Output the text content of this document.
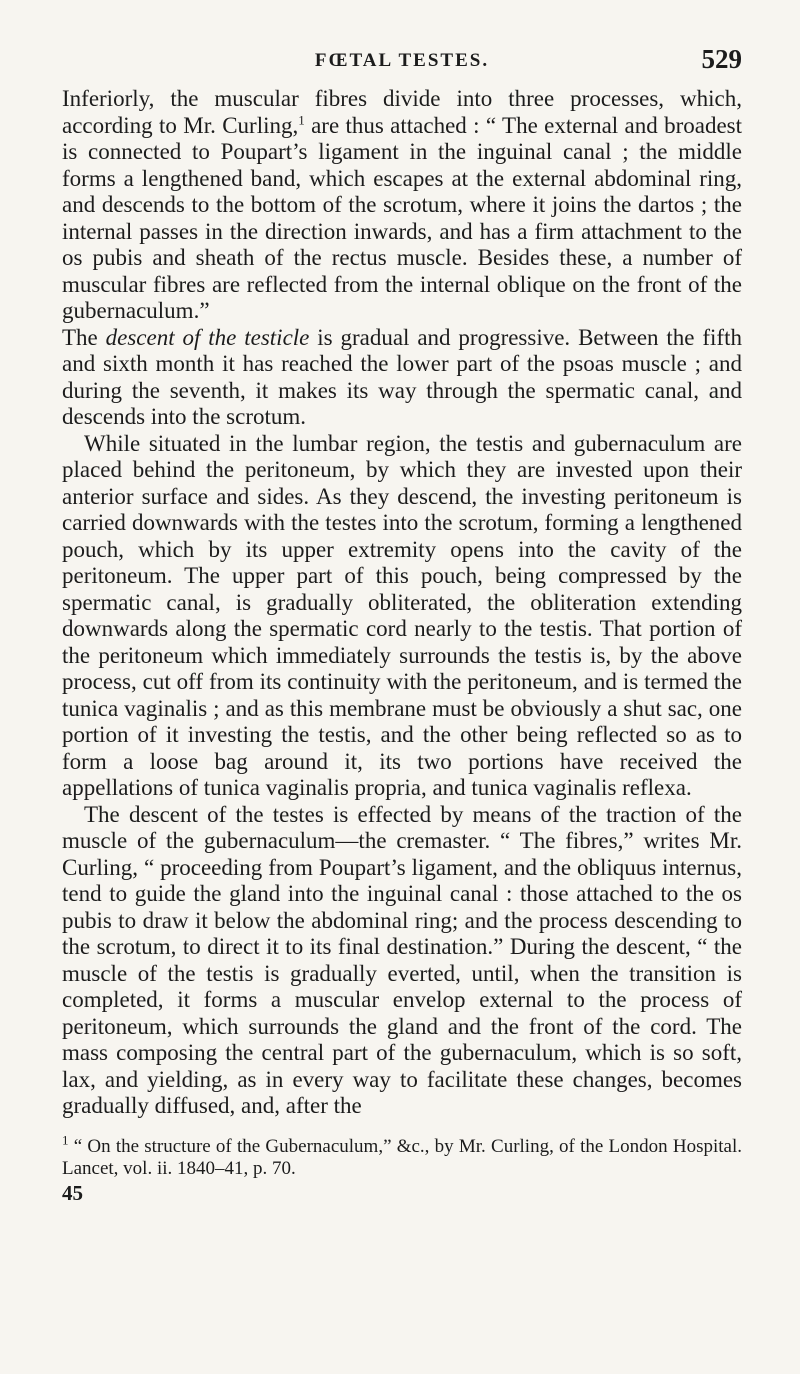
FŒTAL TESTES.	529

Inferiorly, the muscular fibres divide into three processes, which, according to Mr. Curling,$^1$ are thus attached : “ The external and broadest is connected to Poupart’s ligament in the inguinal canal ; the middle forms a lengthened band, which escapes at the external abdominal ring, and descends to the bottom of the scrotum, where it joins the dartos ; the internal passes in the direction inwards, and has a firm attachment to the os pubis and sheath of the rectus muscle. Besides these, a number of muscular fibres are reflected from the internal oblique on the front of the gubernaculum.”

The descent of the testicle is gradual and progressive. Between the fifth and sixth month it has reached the lower part of the psoas muscle ; and during the seventh, it makes its way through the spermatic canal, and descends into the scrotum.

While situated in the lumbar region, the testis and gubernaculum are placed behind the peritoneum, by which they are invested upon their anterior surface and sides. As they descend, the investing peritoneum is carried downwards with the testes into the scrotum, forming a lengthened pouch, which by its upper extremity opens into the cavity of the peritoneum. The upper part of this pouch, being compressed by the spermatic canal, is gradually obliterated, the obliteration extending downwards along the spermatic cord nearly to the testis. That portion of the peritoneum which immediately surrounds the testis is, by the above process, cut off from its continuity with the peritoneum, and is termed the tunica vaginalis ; and as this membrane must be obviously a shut sac, one portion of it investing the testis, and the other being reflected so as to form a loose bag around it, its two portions have received the appellations of tunica vaginalis propria, and tunica vaginalis reflexa.

The descent of the testes is effected by means of the traction of the muscle of the gubernaculum—the cremaster. “ The fibres,” writes Mr. Curling, “ proceeding from Poupart’s ligament, and the obliquus internus, tend to guide the gland into the inguinal canal : those attached to the os pubis to draw it below the abdominal ring; and the process descending to the scrotum, to direct it to its final destination.” During the descent, “ the muscle of the testis is gradually everted, until, when the transition is completed, it forms a muscular envelop external to the process of peritoneum, which surrounds the gland and the front of the cord. The mass composing the central part of the gubernaculum, which is so soft, lax, and yielding, as in every way to facilitate these changes, becomes gradually diffused, and, after the

$^1$ “ On the structure of the Gubernaculum,” &c., by Mr. Curling, of the London Hospital. Lancet, vol. ii. 1840–41, p. 70.

45
